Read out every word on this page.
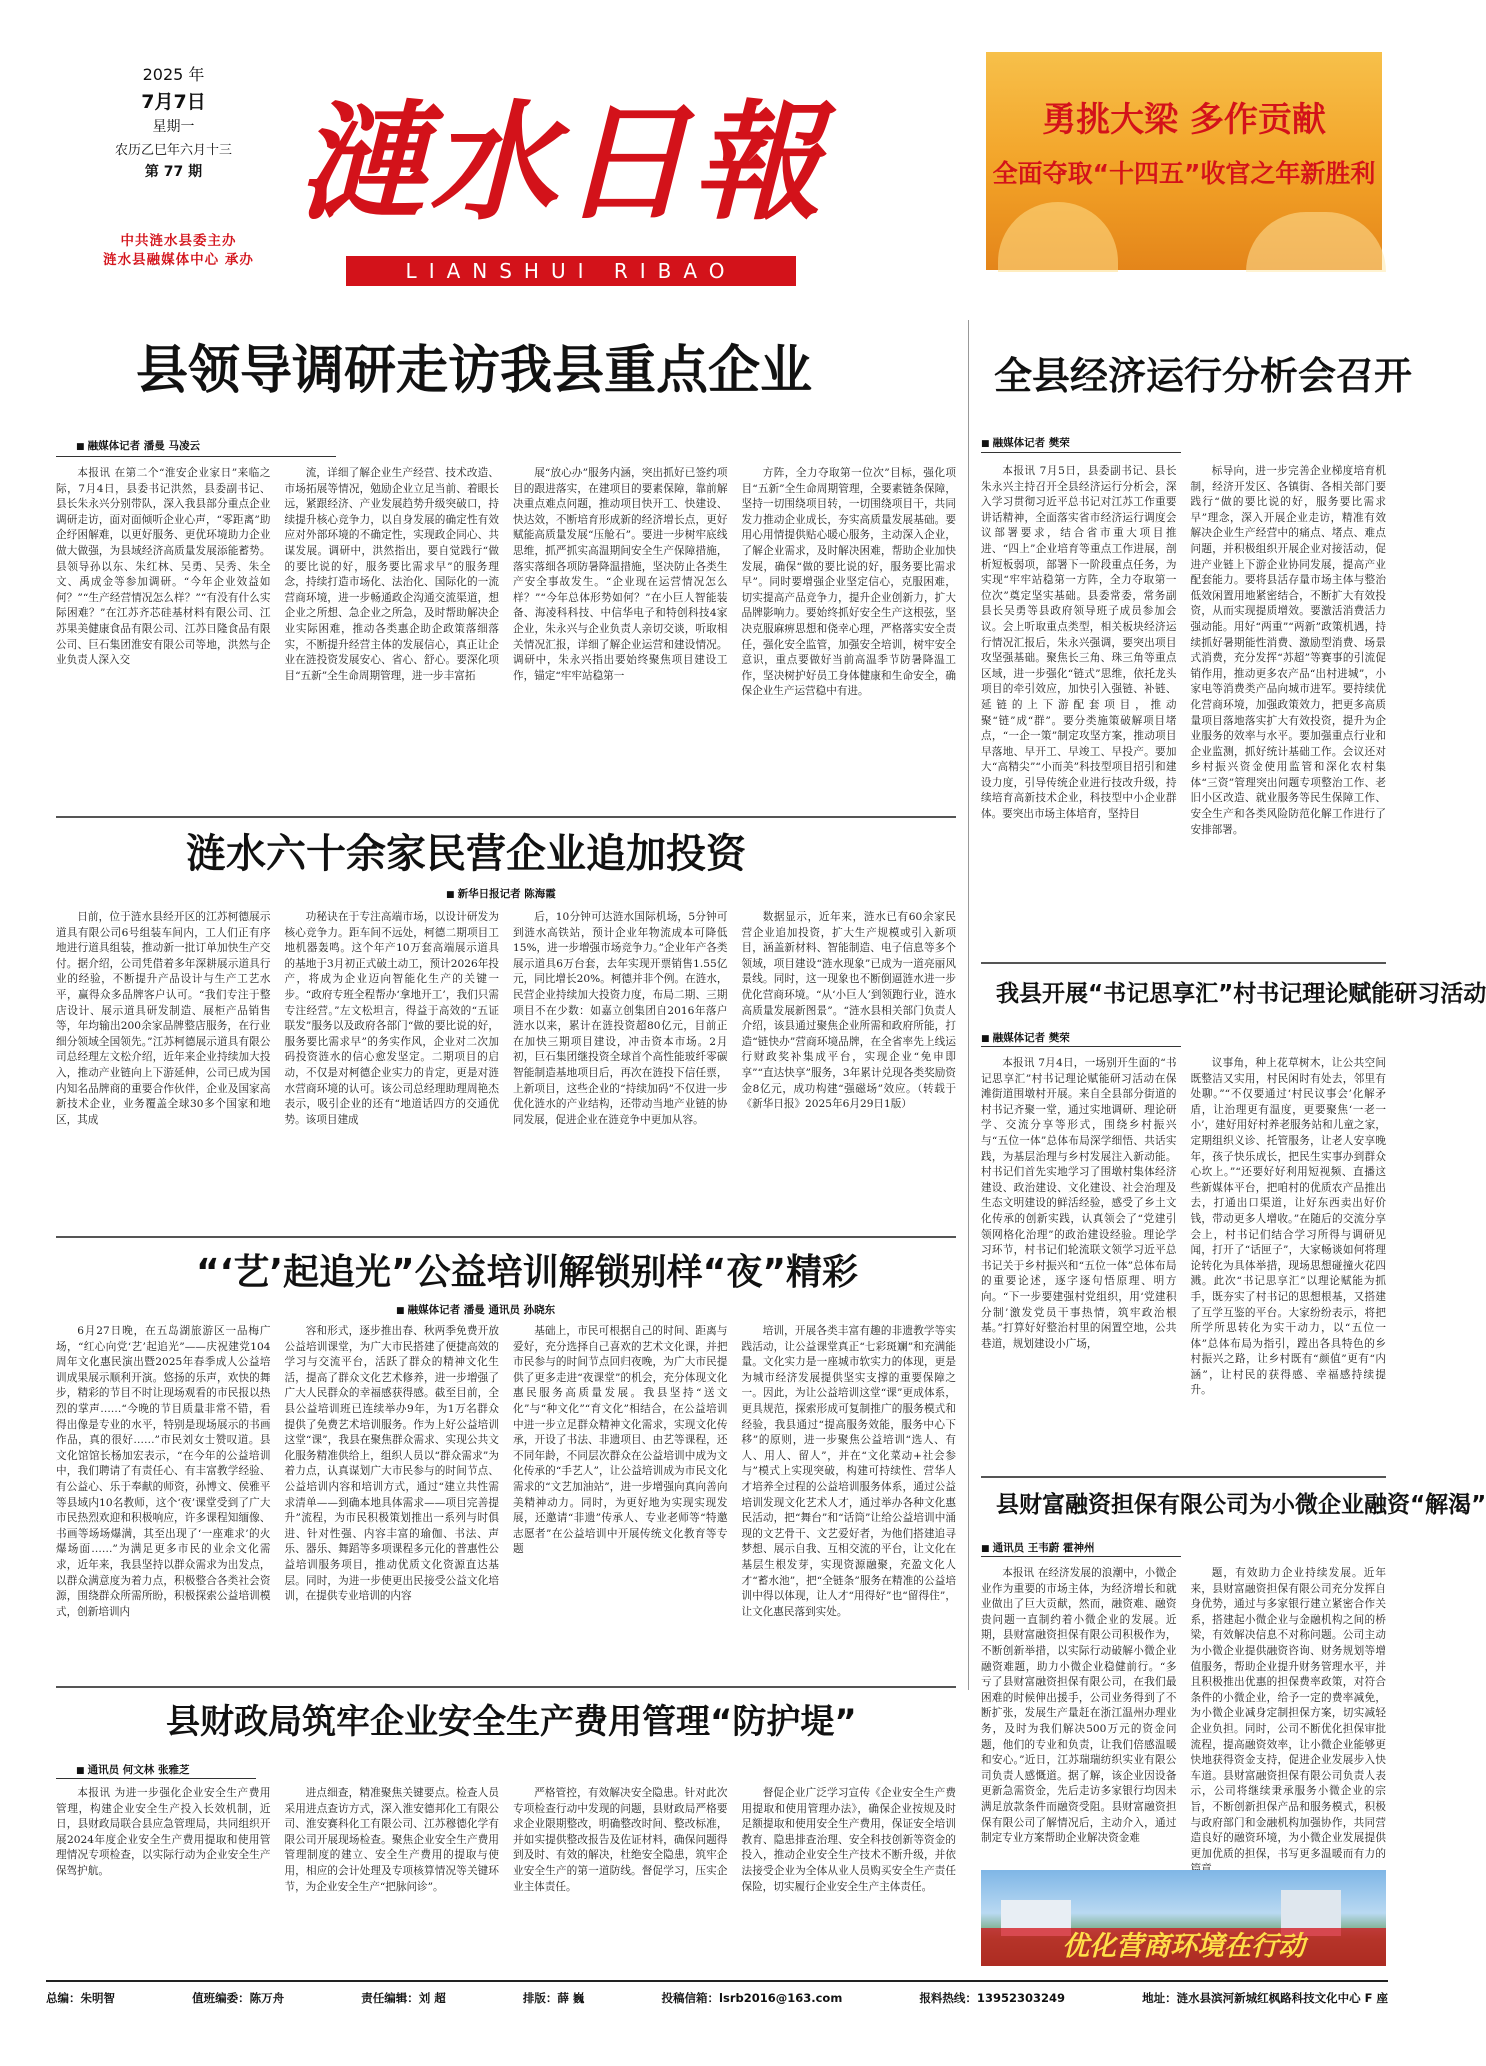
2025 年
7月7日
星期一
农历乙巳年六月十三
第 77 期
中共涟水县委主办
涟水县融媒体中心 承办
漣水日報
LIANSHUI RIBAO
勇挑大梁 多作贡献
全面夺取“十四五”收官之年新胜利
县领导调研走访我县重点企业
■ 融媒体记者 潘曼 马凌云

本报讯 在第二个“淮安企业家日”来临之际，7月4日，县委书记洪然，县委副书记、县长朱永兴分别带队，深入我县部分重点企业调研走访，面对面倾听企业心声，“零距离”助企纾困解难，以更好服务、更优环境助力企业做大做强，为县域经济高质量发展添能蓄势。县领导孙以东、朱红林、吴勇、吴秀、朱全文、禹成金等参加调研。“今年企业效益如何？”“生产经营情况怎么样？”“有没有什么实际困难？”在江苏齐芯硅基材料有限公司、江苏果美健康食品有限公司、江苏日隆食品有限公司、巨石集团淮安有限公司等地，洪然与企业负责人深入交

流，详细了解企业生产经营、技术改造、市场拓展等情况，勉励企业立足当前、着眼长远，紧跟经济、产业发展趋势升级突破口，持续提升核心竞争力，以自身发展的确定性有效应对外部环境的不确定性，实现政企同心、共谋发展。调研中，洪然指出，要自觉践行“做的要比说的好，服务要比需求早”的服务理念，持续打造市场化、法治化、国际化的一流营商环境，进一步畅通政企沟通交流渠道，想企业之所想、急企业之所急，及时帮助解决企业实际困难，推动各类惠企助企政策落细落实，不断提升经营主体的发展信心，真正让企业在涟投资发展安心、省心、舒心。要深化项目“五新”全生命周期管理，进一步丰富拓

展“放心办”服务内涵，突出抓好已签约项目的跟进落实，在建项目的要素保障，靠前解决重点难点问题，推动项目快开工、快建设、快达效，不断培育形成新的经济增长点，更好赋能高质量发展“压舱石”。要进一步树牢底线思维，抓严抓实高温期间安全生产保障措施，落实落细各项防暑降温措施，坚决防止各类生产安全事故发生。“企业现在运营情况怎么样？”“今年总体形势如何？”在小巨人智能装备、海凌科科技、中信华电子和特创科技4家企业，朱永兴与企业负责人亲切交谈，听取相关情况汇报，详细了解企业运营和建设情况。调研中，朱永兴指出要始终聚焦项目建设工作，锚定“牢牢站稳第一

方阵，全力夺取第一位次”目标，强化项目“五新”全生命周期管理，全要素链条保障，坚持一切围绕项目转，一切围绕项目干，共同发力推动企业成长，夯实高质量发展基础。要用心用情提供贴心暖心服务，主动深入企业，了解企业需求，及时解决困难，帮助企业加快发展，确保“做的要比说的好，服务要比需求早”。同时要增强企业坚定信心，克服困难，切实提高产品竞争力，提升企业创新力，扩大品牌影响力。要始终抓好安全生产这根弦，坚决克服麻痹思想和侥幸心理，严格落实安全责任，强化安全监管，加强安全培训，树牢安全意识，重点要做好当前高温季节防暑降温工作，坚决树护好员工身体健康和生命安全，确保企业生产运营稳中有进。

全县经济运行分析会召开
■ 融媒体记者 樊荣

本报讯 7月5日，县委副书记、县长朱永兴主持召开全县经济运行分析会，深入学习贯彻习近平总书记对江苏工作重要讲话精神，全面落实省市经济运行调度会议部署要求，结合省市重大项目推进、“四上”企业培育等重点工作进展，剖析短板弱项，部署下一阶段重点任务，为实现“牢牢站稳第一方阵，全力夺取第一位次”奠定坚实基础。县委常委，常务副县长吴勇等县政府领导班子成员参加会议。会上听取重点类型，相关板块经济运行情况汇报后，朱永兴强调，要突出项目攻坚强基础。聚焦长三角、珠三角等重点区域，进一步强化“链式”思维，依托龙头项目的牵引效应，加快引入强链、补链、延链的上下游配套项目，推动聚“链”成“群”。要分类施策破解项目堵点，“一企一策”制定攻坚方案，推动项目早落地、早开工、早竣工、早投产。要加大“高精尖”“小而美”科技型项目招引和建设力度，引导传统企业进行技改升级，持续培育高新技术企业，科技型中小企业群体。要突出市场主体培育，坚持目

标导向，进一步完善企业梯度培育机制，经济开发区、各镇街、各相关部门要践行“做的要比说的好，服务要比需求早”理念，深入开展企业走访，精准有效解决企业生产经营中的痛点、堵点、难点问题，并积极组织开展企业对接活动，促进产业链上下游企业协同发展，提高产业配套能力。要将县活存量市场主体与整治低效闲置用地紧密结合，不断扩大有效投资，从而实现提质增效。要激活消费活力强动能。用好“两重”“两新”政策机遇，持续抓好暑期能性消费、激励型消费、场景式消费，充分发挥“苏超”等赛事的引流促销作用，推动更多农产品“出村进城”，小家电等消费类产品向城市进军。要持续优化营商环境，加强政策效力，把更多高质量项目落地落实扩大有效投资，提升为企业服务的效率与水平。要加强重点行业和企业监测，抓好统计基础工作。会议还对乡村振兴资金使用监管和深化农村集体“三资”管理突出问题专项整治工作、老旧小区改造、就业服务等民生保障工作、安全生产和各类风险防范化解工作进行了安排部署。

涟水六十余家民营企业追加投资
■ 新华日报记者 陈海霞

日前，位于涟水县经开区的江苏柯德展示道具有限公司6号组装车间内，工人们正有序地进行道具组装，推动新一批订单加快生产交付。据介绍，公司凭借着多年深耕展示道具行业的经验，不断提升产品设计与生产工艺水平，赢得众多品牌客户认可。“我们专注于整店设计、展示道具研发制造、展柜产品销售等，年均输出200余家品牌整店服务，在行业细分领域全国领先。”江苏柯德展示道具有限公司总经理左文松介绍，近年来企业持续加大投入，推动产业链向上下游延伸，公司已成为国内知名品牌商的重要合作伙伴，企业及国家高新技术企业，业务覆盖全球30多个国家和地区，其成

功秘诀在于专注高端市场，以设计研发为核心竞争力。距车间不远处，柯德二期项目工地机器轰鸣。这个年产10万套高端展示道具的基地于3月初正式破土动工，预计2026年投产，将成为企业迈向智能化生产的关键一步。“政府专班全程帮办‘拿地开工’，我们只需专注经营。”左文松坦言，得益于高效的“五证联发”服务以及政府各部门“做的要比说的好，服务要比需求早”的务实作风，企业对二次加码投资涟水的信心愈发坚定。二期项目的启动，不仅是对柯德企业实力的肯定，更是对涟水营商环境的认可。该公司总经理助理周艳杰表示，吸引企业的还有“地道话四方的交通优势。该项目建成

后，10分钟可达涟水国际机场，5分钟可到涟水高铁站，预计企业年物流成本可降低15%，进一步增强市场竞争力。”企业年产各类展示道具6万台套，去年实现开票销售1.55亿元，同比增长20%。柯德并非个例。在涟水，民营企业持续加大投资力度，布局二期、三期项目不在少数：如嘉立创集团自2016年落户涟水以来，累计在涟投资超80亿元，目前正在加快三期项目建设，冲击资本市场。2月初，巨石集团继投资全球首个高性能玻纤零碳智能制造基地项目后，再次在涟投下信任票，上新项目，这些企业的“持续加码”不仅进一步优化涟水的产业结构，还带动当地产业链的协同发展，促进企业在涟竞争中更加从容。

数据显示，近年来，涟水已有60余家民营企业追加投资，扩大生产规模或引入新项目，涵盖新材料、智能制造、电子信息等多个领域，项目建设“涟水现象”已成为一道亮丽风景线。同时，这一现象也不断倒逼涟水进一步优化营商环境。“从‘小巨人’到领跑行业，涟水高质量发展新图景”。“涟水县相关部门负责人介绍，该县通过聚焦企业所需和政府所能，打造“链快办”营商环境品牌，在全省率先上线运行财政奖补集成平台，实现企业“免申即享”“直达快享”服务，3年累计兑现各类奖励资金8亿元，成功构建“强磁场”效应。（转载于《新华日报》2025年6月29日1版）

我县开展“书记思享汇”村书记理论赋能研习活动
■ 融媒体记者 樊荣

本报讯 7月4日，一场别开生面的“书记思享汇”村书记理论赋能研习活动在保滩街道围墩村开展。来自全县部分街道的村书记齐聚一堂，通过实地调研、理论研学、交流分享等形式，围绕乡村振兴与“五位一体”总体布局深学细悟、共话实践，为基层治理与乡村发展注入新动能。村书记们首先实地学习了围墩村集体经济建设、政治建设、文化建设、社会治理及生态文明建设的鲜活经验，感受了乡土文化传承的创新实践，认真领会了“党建引领网格化治理”的政治建设经验。理论学习环节，村书记们轮流联文领学习近平总书记关于乡村振兴和“五位一体”总体布局的重要论述，逐字逐句悟原理、明方向。“下一步要建强村党组织，用‘党建积分制’激发党员干事热情，筑牢政治根基。”打算好好整治村里的闲置空地，公共巷道，规划建设小广场，

议事角，种上花草树木，让公共空间既整洁又实用，村民闲时有处去，邻里有处聊。”“不仅要通过‘村民议事会’化解矛盾，让治理更有温度，更要聚焦‘一老一小’，建好用好村养老服务站和儿童之家，定期组织义诊、托管服务，让老人安享晚年，孩子快乐成长，把民生实事办到群众心坎上。”“还要好好利用短视频、直播这些新媒体平台，把咱村的优质农产品推出去，打通出口渠道，让好东西卖出好价钱，带动更多人增收。”在随后的交流分享会上，村书记们结合学习所得与调研见闻，打开了“话匣子”，大家畅谈如何将理论转化为具体举措，现场思想碰撞火花四溅。此次“书记思享汇”以理论赋能为抓手，既夯实了村书记的思想根基，又搭建了互学互鉴的平台。大家纷纷表示，将把所学所思转化为实干动力，以“五位一体”总体布局为指引，蹚出各具特色的乡村振兴之路，让乡村既有“颜值”更有“内涵”，让村民的获得感、幸福感持续提升。

“‘艺’起追光”公益培训解锁别样“夜”精彩
■ 融媒体记者 潘曼 通讯员 孙晓东

6月27日晚，在五岛湖旅游区一品梅广场，“红心向党‘艺’起追光”——庆祝建党104周年文化惠民演出暨2025年春季成人公益培训成果展示顺利开演。悠扬的乐声，欢快的舞步，精彩的节目不时让现场观看的市民报以热烈的掌声……“今晚的节目质量非常不错，看得出像是专业的水平，特别是现场展示的书画作品，真的很好……”市民刘女士赞叹道。县文化馆馆长杨加宏表示，“在今年的公益培训中，我们聘请了有责任心、有丰富教学经验、有公益心、乐于奉献的师资，孙博文、侯雅平等县域内10名教师，这个‘夜’课堂受到了广大市民热烈欢迎和积极响应，许多课程知缅像、书画等场场爆满，其至出现了‘一座难求’的火爆场面……”为满足更多市民的业余文化需求，近年来，我县坚持以群众需求为出发点，以群众满意度为着力点，积极整合各类社会资源，围绕群众所需所盼，积极探索公益培训模式，创新培训内

容和形式，逐步推出春、秋两季免费开放公益培训课堂，为广大市民搭建了便捷高效的学习与交流平台，活跃了群众的精神文化生活，提高了群众文化艺术修养，进一步增强了广大人民群众的幸福感获得感。截至目前，全县公益培训班已连续举办9年，为1万名群众提供了免费艺术培训服务。作为上好公益培训这堂“课”，我县在聚焦群众需求、实现公共文化服务精准供给上，组织人员以“群众需求”为着力点，认真谋划广大市民参与的时间节点、公益培训内容和培训方式，通过“建立共性需求清单——到确本地具体需求——项目完善提升”流程，为市民积极策划推出一系列与时俱进、针对性强、内容丰富的瑜伽、书法、声乐、器乐、舞蹈等多项课程多元化的普惠性公益培训服务项目，推动优质文化资源直达基层。同时，为进一步使更出民接受公益文化培训，在提供专业培训的内容

基础上，市民可根据自己的时间、距离与爱好，充分选择自己喜欢的艺术文化课，并把市民参与的时间节点回归夜晚，为广大市民提供了更多走进“夜课堂”的机会，充分体现文化惠民服务高质量发展。我县坚持“送文化”与“种文化”“育文化”相结合，在公益培训中进一步立足群众精神文化需求，实现文化传承，开设了书法、非遗项目、由艺等课程，还不同年龄，不同层次群众在公益培训中成为文化传承的“手艺人”，让公益培训成为市民文化需求的“文艺加油站”，进一步增强向真向善向美精神动力。同时，为更好地为实现实现发展，还邀请“非遗”传承人、专业老师等“特邀志愿者”在公益培训中开展传统文化教育等专题

培训，开展各类丰富有趣的非遗教学等实践活动，让公益课堂真正“七彩斑斓”和充满能量。文化实力是一座城市软实力的体现，更是为城市经济发展提供坚实支撑的重要保障之一。因此，为让公益培训这堂“课”更成体系，更具规范，探索形成可复制推广的服务模式和经验，我县通过“提高服务效能，服务中心下移”的原则，进一步聚焦公益培训“选人、有人、用人、留人”，并在“文化菜动+社会参与”模式上实现突破，构建可持续性、营华人才培养全过程的公益培训服务体系，通过公益培训发现文化艺术人才，通过举办各种文化惠民活动，把“舞台”和“话筒”让给公益培训中涌现的文艺骨干、文艺爱好者，为他们搭建追寻梦想、展示自我、互相交流的平台，让文化在基层生根发芽，实现资源融聚，充盈文化人才“蓄水池”，把“全链条”服务在精准的公益培训中得以体现，让人才“用得好”也“留得住”，让文化惠民落到实处。

县财富融资担保有限公司为小微企业融资“解渴”
■ 通讯员 王韦蔚 霍神州

本报讯 在经济发展的浪潮中，小微企业作为重要的市场主体，为经济增长和就业做出了巨大贡献，然而，融资难、融资贵问题一直制约着小微企业的发展。近期，县财富融资担保有限公司积极作为，不断创新举措，以实际行动破解小微企业融资难题，助力小微企业稳健前行。“多亏了县财富融资担保有限公司，在我们最困难的时候伸出援手，公司业务得到了不断扩张，发展生产量赶在浙江温州办理业务，及时为我们解决500万元的资金问题，他们的专业和负责，让我们倍感温暖和安心。”近日，江苏瑞瑞纺织实业有限公司负责人感慨道。据了解，该企业因设备更新急需资金，先后走访多家银行均因未满足放款条件而融资受阻。县财富融资担保有限公司了解情况后，主动介入，通过制定专业方案帮助企业解决资金难

题，有效助力企业持续发展。近年来，县财富融资担保有限公司充分发挥自身优势，通过与多家银行建立紧密合作关系，搭建起小微企业与金融机构之间的桥梁，有效解决信息不对称问题。公司主动为小微企业提供融资咨询、财务规划等增值服务，帮助企业提升财务管理水平，并且积极推出优惠的担保费率政策，对符合条件的小微企业，给予一定的费率减免，为小微企业减身定制担保方案，切实减轻企业负担。同时，公司不断优化担保审批流程，提高融资效率，让小微企业能够更快地获得资金支持，促进企业发展步入快车道。县财富融资担保有限公司负责人表示，公司将继续秉承服务小微企业的宗旨，不断创新担保产品和服务模式，积极与政府部门和金融机构加强协作，共同营造良好的融资环境，为小微企业发展提供更加优质的担保，书写更多温暖而有力的

县财政局筑牢企业安全生产费用管理“防护堤”
■ 通讯员 何文林 张雅芝

本报讯 为进一步强化企业安全生产费用管理，构建企业安全生产投入长效机制，近日，县财政局联合县应急管理局，共同组织开展2024年度企业安全生产费用提取和使用管理情况专项检查，以实际行动为企业安全生产保驾护航。

进点细查，精准聚焦关键要点。检查人员采用进点查访方式，深入淮安德邦化工有限公司、淮安赛科化工有限公司、江苏穆德化学有限公司开展现场检查。聚焦企业安全生产费用管理制度的建立、安全生产费用的提取与使用，相应的会计处理及专项核算情况等关键环节，为企业安全生产“把脉问诊”。

严格管控，有效解决安全隐患。针对此次专项检查行动中发现的问题，县财政局严格要求企业限期整改，明确整改时间、整改标准，并如实提供整改报告及佐证材料，确保问题得到及时、有效的解决，杜绝安全隐患，筑牢企业安全生产的第一道防线。督促学习，压实企业主体责任。

督促企业广泛学习宣传《企业安全生产费用提取和使用管理办法》，确保企业按规及时足额提取和使用安全生产费用，保证安全培训教育、隐患排查治理、安全科技创新等资金的投入，推动企业安全生产技术不断升级，并依法接受企业为全体从业人员购买安全生产责任保险，切实履行企业安全生产主体责任。

优化营商环境在行动
总编：朱明智	值班编委：陈万舟	责任编辑：刘 超	排版：薛 巍	投稿信箱：lsrb2016@163.com	报料热线：13952303249	地址：涟水县滨河新城红枫路科技文化中心 F 座
